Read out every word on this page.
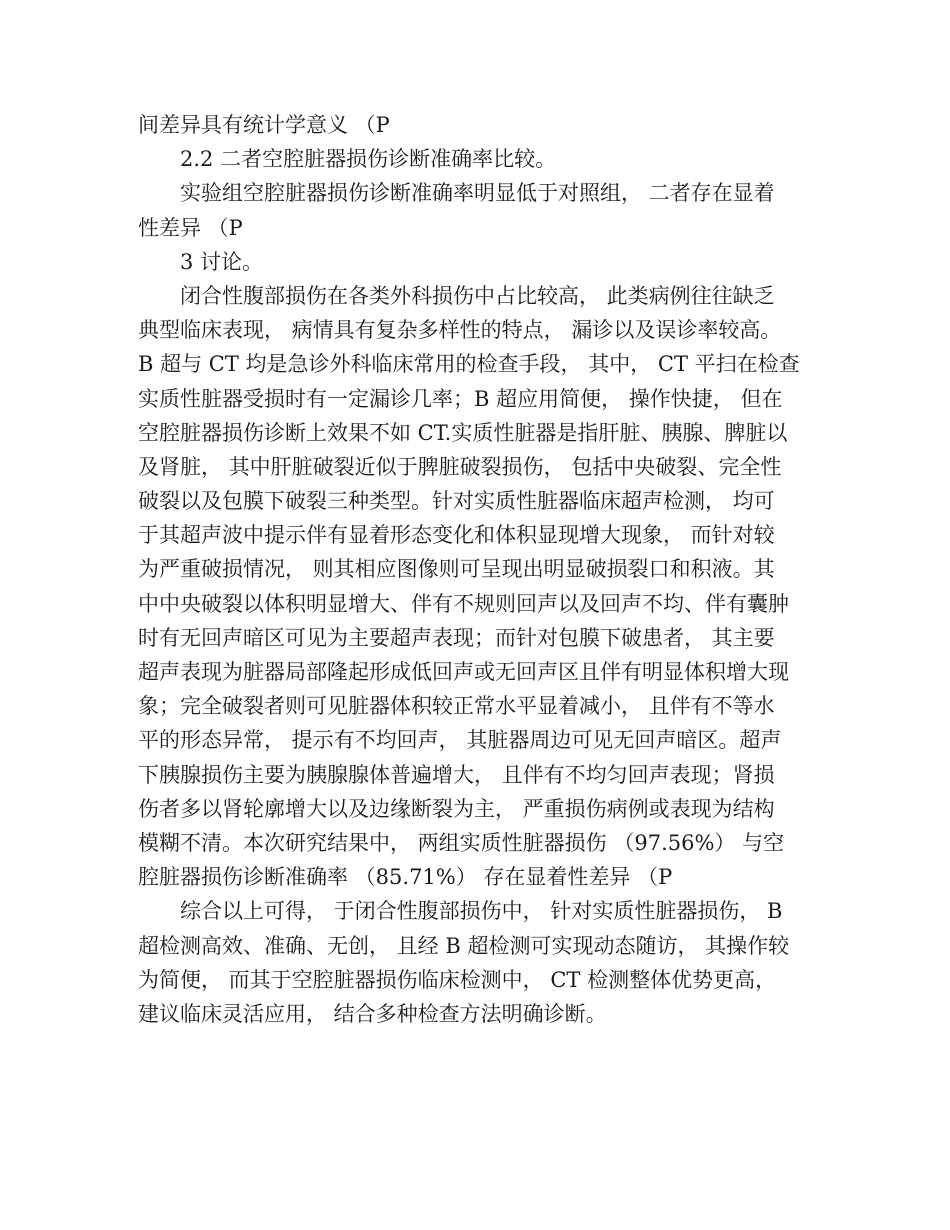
间差异具有统计学意义 （P
2.2 二者空腔脏器损伤诊断准确率比较。
实验组空腔脏器损伤诊断准确率明显低于对照组， 二者存在显着
性差异 （P
3 讨论。
闭合性腹部损伤在各类外科损伤中占比较高， 此类病例往往缺乏
典型临床表现， 病情具有复杂多样性的特点， 漏诊以及误诊率较高。
B 超与 CT 均是急诊外科临床常用的检查手段， 其中， CT 平扫在检查
实质性脏器受损时有一定漏诊几率；B 超应用简便， 操作快捷， 但在
空腔脏器损伤诊断上效果不如 CT.实质性脏器是指肝脏、胰腺、脾脏以
及肾脏， 其中肝脏破裂近似于脾脏破裂损伤， 包括中央破裂、完全性
破裂以及包膜下破裂三种类型。针对实质性脏器临床超声检测， 均可
于其超声波中提示伴有显着形态变化和体积显现增大现象， 而针对较
为严重破损情况， 则其相应图像则可呈现出明显破损裂口和积液。其
中中央破裂以体积明显增大、伴有不规则回声以及回声不均、伴有囊肿
时有无回声暗区可见为主要超声表现；而针对包膜下破患者， 其主要
超声表现为脏器局部隆起形成低回声或无回声区且伴有明显体积增大现
象；完全破裂者则可见脏器体积较正常水平显着减小， 且伴有不等水
平的形态异常， 提示有不均回声， 其脏器周边可见无回声暗区。超声
下胰腺损伤主要为胰腺腺体普遍增大， 且伴有不均匀回声表现；肾损
伤者多以肾轮廓增大以及边缘断裂为主， 严重损伤病例或表现为结构
模糊不清。本次研究结果中， 两组实质性脏器损伤 （97.56%） 与空
腔脏器损伤诊断准确率 （85.71%） 存在显着性差异 （P
综合以上可得， 于闭合性腹部损伤中， 针对实质性脏器损伤， B
超检测高效、准确、无创， 且经 B 超检测可实现动态随访， 其操作较
为简便， 而其于空腔脏器损伤临床检测中， CT 检测整体优势更高，
建议临床灵活应用， 结合多种检查方法明确诊断。
